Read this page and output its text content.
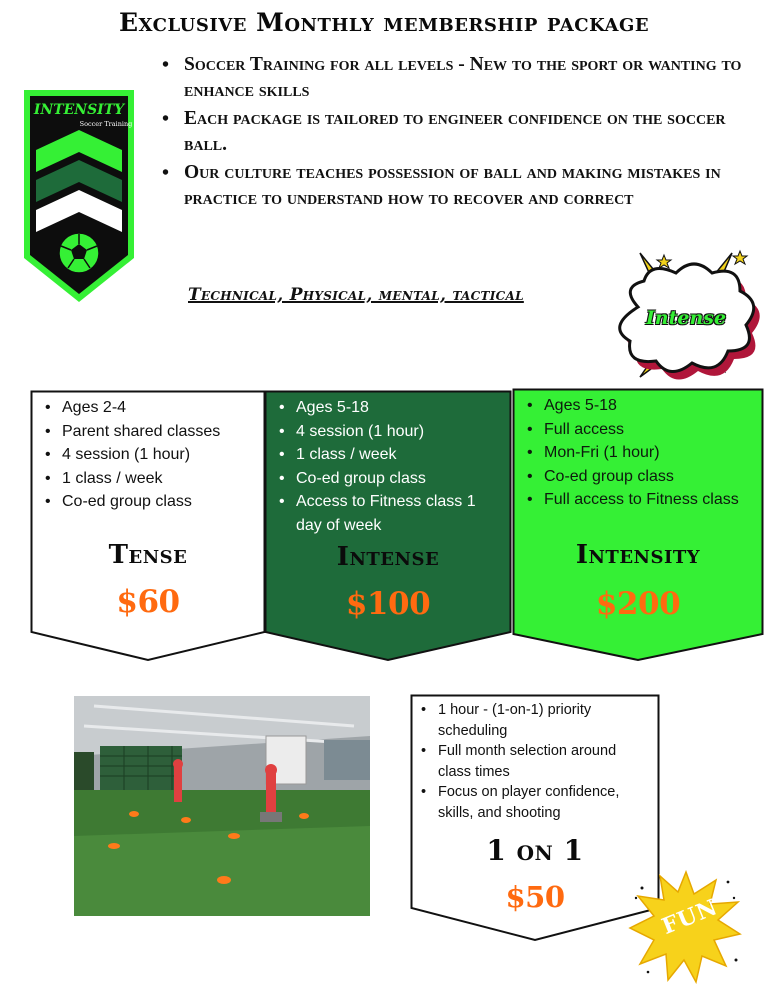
Exclusive Monthly membership package
• Soccer Training for all levels - New to the sport or wanting to enhance skills
• Each package is tailored to engineer confidence on the soccer ball.
• Our culture teaches possession of ball and making mistakes in practice to understand how to recover and correct
INTENSITY
Soccer Training
Technical, Physical, mental, tactical
Intense
• Ages 2-4
• Parent shared classes
• 4 session (1 hour)
• 1 class / week
• Co-ed group class
Tense
$60
• Ages 5-18
• 4 session (1 hour)
• 1 class / week
• Co-ed group class
• Access to Fitness class 1 day of week
Intense
$100
• Ages 5-18
• Full access
• Mon-Fri (1 hour)
• Co-ed group class
• Full access to Fitness class
Intensity
$200
• 1 hour - (1-on-1) priority scheduling
• Full month selection around class times
• Focus on player confidence, skills, and shooting
1 on 1
$50	FUN
